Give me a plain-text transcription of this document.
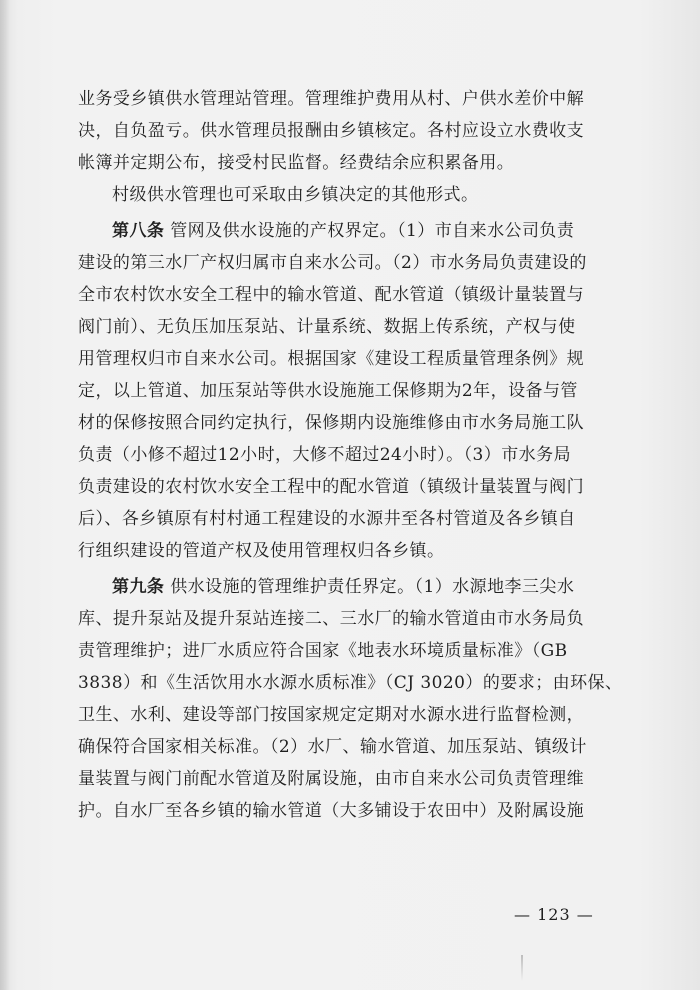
业务受乡镇供水管理站管理。管理维护费用从村、户供水差价中解
决，自负盈亏。供水管理员报酬由乡镇核定。各村应设立水费收支
帐簿并定期公布，接受村民监督。经费结余应积累备用。
村级供水管理也可采取由乡镇决定的其他形式。
第八条 管网及供水设施的产权界定。（1）市自来水公司负责
建设的第三水厂产权归属市自来水公司。（2）市水务局负责建设的
全市农村饮水安全工程中的输水管道、配水管道（镇级计量装置与
阀门前）、无负压加压泵站、计量系统、数据上传系统，产权与使
用管理权归市自来水公司。根据国家《建设工程质量管理条例》规
定，以上管道、加压泵站等供水设施施工保修期为2年，设备与管
材的保修按照合同约定执行，保修期内设施维修由市水务局施工队
负责（小修不超过12小时，大修不超过24小时）。（3）市水务局
负责建设的农村饮水安全工程中的配水管道（镇级计量装置与阀门
后）、各乡镇原有村村通工程建设的水源井至各村管道及各乡镇自
行组织建设的管道产权及使用管理权归各乡镇。
第九条 供水设施的管理维护责任界定。（1）水源地李三尖水
库、提升泵站及提升泵站连接二、三水厂的输水管道由市水务局负
责管理维护；进厂水质应符合国家《地表水环境质量标准》（GB
3838）和《生活饮用水水源水质标准》（CJ 3020）的要求；由环保、
卫生、水利、建设等部门按国家规定定期对水源水进行监督检测，
确保符合国家相关标准。（2）水厂、输水管道、加压泵站、镇级计
量装置与阀门前配水管道及附属设施，由市自来水公司负责管理维
护。自水厂至各乡镇的输水管道（大多铺设于农田中）及附属设施
— 123 —
